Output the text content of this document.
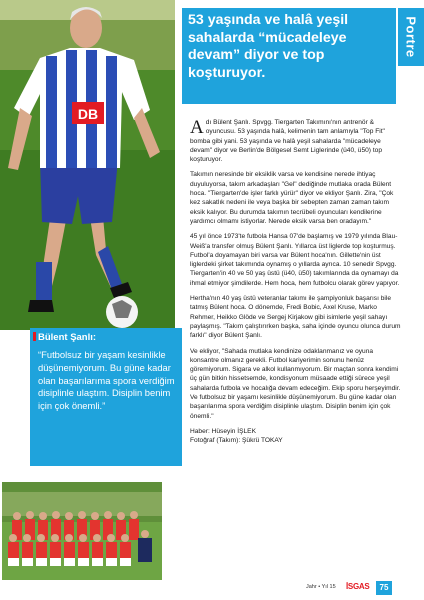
DB
53 yaşında ve halâ yeşil sahalarda “mücadeleye devam” diyor ve top koşturuyor.
Portre

Adı Bülent Şanlı. Spvgg. Tiergarten Takımını'nın antrenör & oyuncusu. 53 yaşında halâ, kelimenin tam anlamıyla "Top Fit" bomba gibi yani. 53 yaşında ve halâ yeşil sahalarda "mücadeleye devam" diyor ve Berlin'de Bölgesel Semt Liglerinde (ü40, ü50) top koşturuyor.

Takımın neresinde bir eksiklik varsa ve kendisine nerede ihtiyaç duyuluyorsa, takım arkadaşları "Gel" dediğinde mutlaka orada Bülent hoca. "Tiergarten'de işler farklı yürür" diyor ve ekliyor Şanlı. Zira, "Çok kez sakatlık nedeni ile veya başka bir sebepten zaman zaman takım eksik kalıyor. Bu durumda takımın tecrübeli oyuncuları kendilerine yardımcı olmamı istiyorlar. Nerede eksik varsa ben oradayım."

45 yıl önce 1973'te futbola Hansa 07'de başlamış ve 1979 yılında Blau-Weiß'a transfer olmuş Bülent Şanlı. Yıllarca üst liglerde top koşturmuş. Futbol'a doyamayan biri varsa var Bülent hoca'nın. Gillette'nin üst liglerdeki şirket takımında oynamış o yıllarda ayrıca. 10 senedir Spvgg. Tiergarten'in 40 ve 50 yaş üstü (ü40, ü50) takımlarında da oynamayı da ihmal etmiyor şimdilerde. Hem hoca, hem futbolcu olarak görev yapıyor.

Hertha'nın 40 yaş üstü veteranlar takımı ile şampiyonluk başarısı bile tatmış Bülent hoca. O dönemde, Fredi Bobic, Axel Kruse, Marko Rehmer, Heikko Glöde ve Sergej Kirjakow gibi isimlerle yeşil sahayı paylaşmış. "Takım çalıştırırken başka, saha içinde oyuncu olunca durum farklı" diyor Bülent Şanlı.

Ve ekliyor, "Sahada mutlaka kendinize odaklanmanız ve oyuna konsantre olmanız gerekli. Futbol kariyerimin sonunu henüz göremiyorum. Sigara ve alkol kullanmıyorum. Bir maçtan sonra kendimi üç gün bitkin hissetsemde, kondisyonum müsaade ettiği sürece yeşil sahalarda futbola ve hocalığa devam edeceğim. Ekip sporu herşeyimdir. Ve futbolsuz bir yaşamı kesinlikle düşünemiyorum. Bu güne kadar olan başarılarıma spora verdiğim disiplinle ulaştım. Disiplin benim için çok önemli."

Haber: Hüseyin İŞLEK
Fotoğraf (Takım): Şükrü TOKAY
Bülent Şanlı:
“Futbolsuz bir yaşam kesinlikle düşünemiyorum. Bu güne kadar olan başarılarıma spora verdiğim disiplinle ulaştım. Disiplin benim için çok önemli.”
Jahr • Yıl 15 İSGAS	75
